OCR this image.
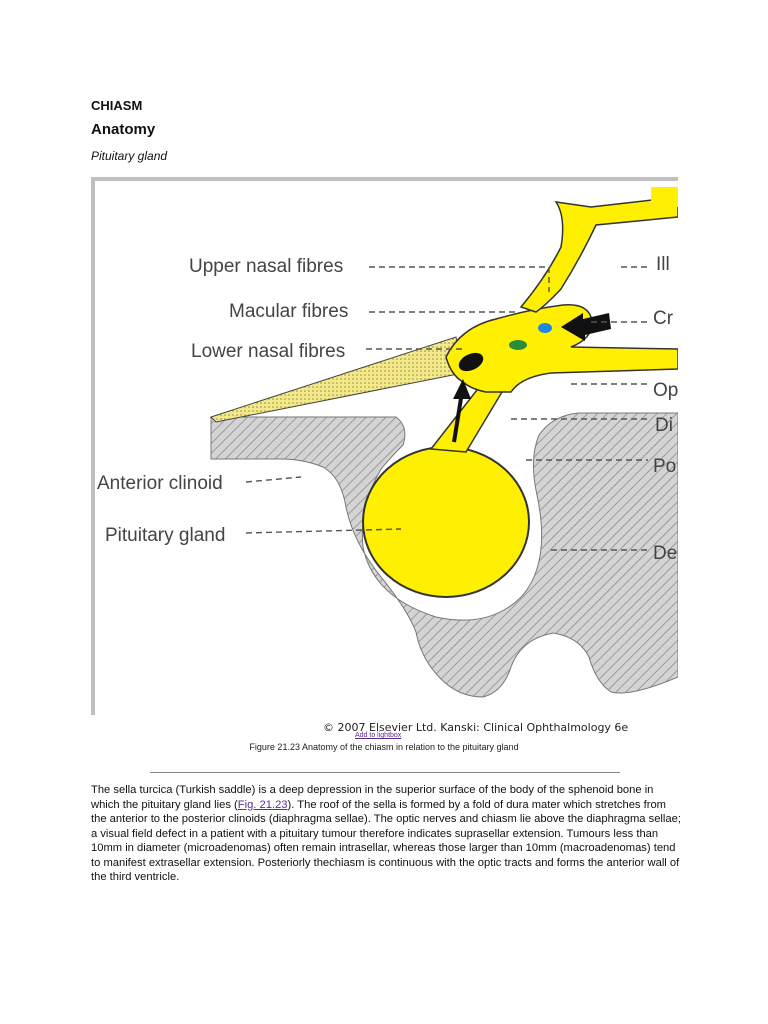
CHIASM
Anatomy
Pituitary gland
Upper nasal fibres
Macular fibres
Lower nasal fibres
Anterior clinoid
Pituitary gland
Ill
Cr
Op
Di
Po
De
© 2007 Elsevier Ltd. Kanski: Clinical Ophthalmology 6e
Add to lightbox
Figure 21.23 Anatomy of the chiasm in relation to the pituitary gland
The sella turcica (Turkish saddle) is a deep depression in the superior surface of the body of the sphenoid bone in which the pituitary gland lies (Fig. 21.23). The roof of the sella is formed by a fold of dura mater which stretches from the anterior to the posterior clinoids (diaphragma sellae). The optic nerves and chiasm lie above the diaphragma sellae; a visual field defect in a patient with a pituitary tumour therefore indicates suprasellar extension. Tumours less than 10mm in diameter (microadenomas) often remain intrasellar, whereas those larger than 10mm (macroadenomas) tend to manifest extrasellar extension. Posteriorly thechiasm is continuous with the optic tracts and forms the anterior wall of the third ventricle.
